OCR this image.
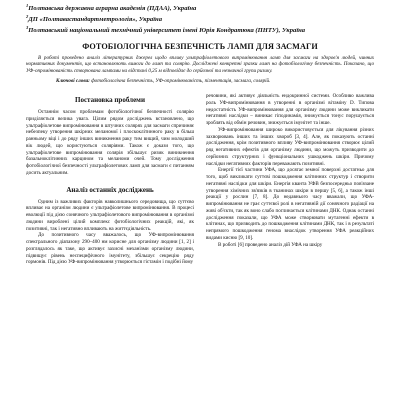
$^1$Полтавська державна аграрна академія (ПДАА), Україна
$^2$ДП «Полтавастандартметрологія», Україна
$^3$Полтавський національний технічний університет імені Юрія Кондратюка (ПНТУ), Україна
ФОТОБІОЛОГІЧНА БЕЗПЕЧНІСТЬ ЛАМП ДЛЯ ЗАСМАГИ

В роботі проведено аналіз літературних джерел щодо впливу ультрафіолетового випромінювання ламп для засмаги на здоров'я людей, чинних нормативних документів, що встановлюють вимоги до ламп та солярію. Досліджені конкретні зразки ламп на фотобіологічну безпечність. Показано, що УФ-опромінюваність створювана лампами на відстані 0,25 м відповідає до серйозної та незначної групи ризику.

Ключові слова: фотобіологічна безпечність, УФ-опромінюваність, пігментація, засмага, солярій.

Постановка проблеми

Останнім часом проблемам фотобіологічної безпечності солярію приділяється велика увага. Цілим рядом досліджень встановлено, що ультрафіолетове випромінювання в штучних солярях для засмаги спричиняє небезпеку утворення шкірних меланомої і плоскоклітинного раку в більш ранньому віці і до ряду інших виникнення раку тим вищий, чим молодший вік людей, що користуються соляріями. Також є докази того, що ультрафіолетове випромінювання солярія збільшує ризик виникнення базальноклітинних карцином та меланоми очей. Тому дослідження фотобіологічної безпечності ультрафіолетових ламп для засмаги є питанням досить актуальним.

Аналіз останніх досліджень

Одним із важливих факторів навколишнього середовища, що суттєво впливає на організм людини є ультрафіолетове випромінювання. В процесі еволюції під дією сонячного ультрафіолетового випромінювання в організмі людини вироблені цілий комплекс фотобіологічних реакцій, які, як позитивні, так і негативно впливають на життєдіяльність.

До позитивного часу вважалось, що УФ-випромінювання спектрального діапазону 290–400 нм корисне для організму людини [1, 2] і розглядалось як таке, що активує захисні механізми організму людини, підвищує рівень неспецифічного імунітету, збільшує секрецію ряду гормонів. Під дією УФ-випромінювання утворюється гістамін і подібні йому

речовини, які активує діяльність ендокринної системи. Особливо важлива роль УФ-випромінювання в утворенні в організмі вітаміну D. Типова недостатність УФ-випромінювання для організму людини може викликати негативні наслідки – виникає гіподинамія, знижується тонус порушується зроблять від обмін речовин, знижується імунітет та інше.

УФ-випромінювання широко використовується для лікування різних захворювань інших та інших хвороб [3, 4]. Але, як показують останні дослідження, крім позитивного впливу УФ-випромінювання створює цілий ряд негативних ефектів для організму людини, що можуть призводити до серйозних структурних і функціональних ушкоджень шкіри. Причому наслідки негативних факторів переважають позитивні.

Енергії тієї частини УФА, що досягає земної поверхні достатньо для того, щоб викликати суттєві пошкодження клітинних структур і створити негативні наслідки для шкіри. Енергія кванта УФВ безпосередньо пов'язане утворення хімічних зв'язків в тканинах шкіри в першу [5, 6], а також інші реакції у рослин [7, 8]. До недавнього часу вважали, що УФА-випромінювання не грає суттєвої ролі в негативній дії сонячного радіації на живі об'єкти, так як воно слабо поглинається клітинами ДНК. Однак останні дослідження показали, що УФА може створювати мутагенні ефекти в клітинах, що призводить до пошкодження клітинами ДНК, так і в результаті непрямого пошкодження генома внаслідок утворення УФА реакційних видами кисню [9, 10].

В роботі [6] проведено аналіз дій УФА на шкіру
